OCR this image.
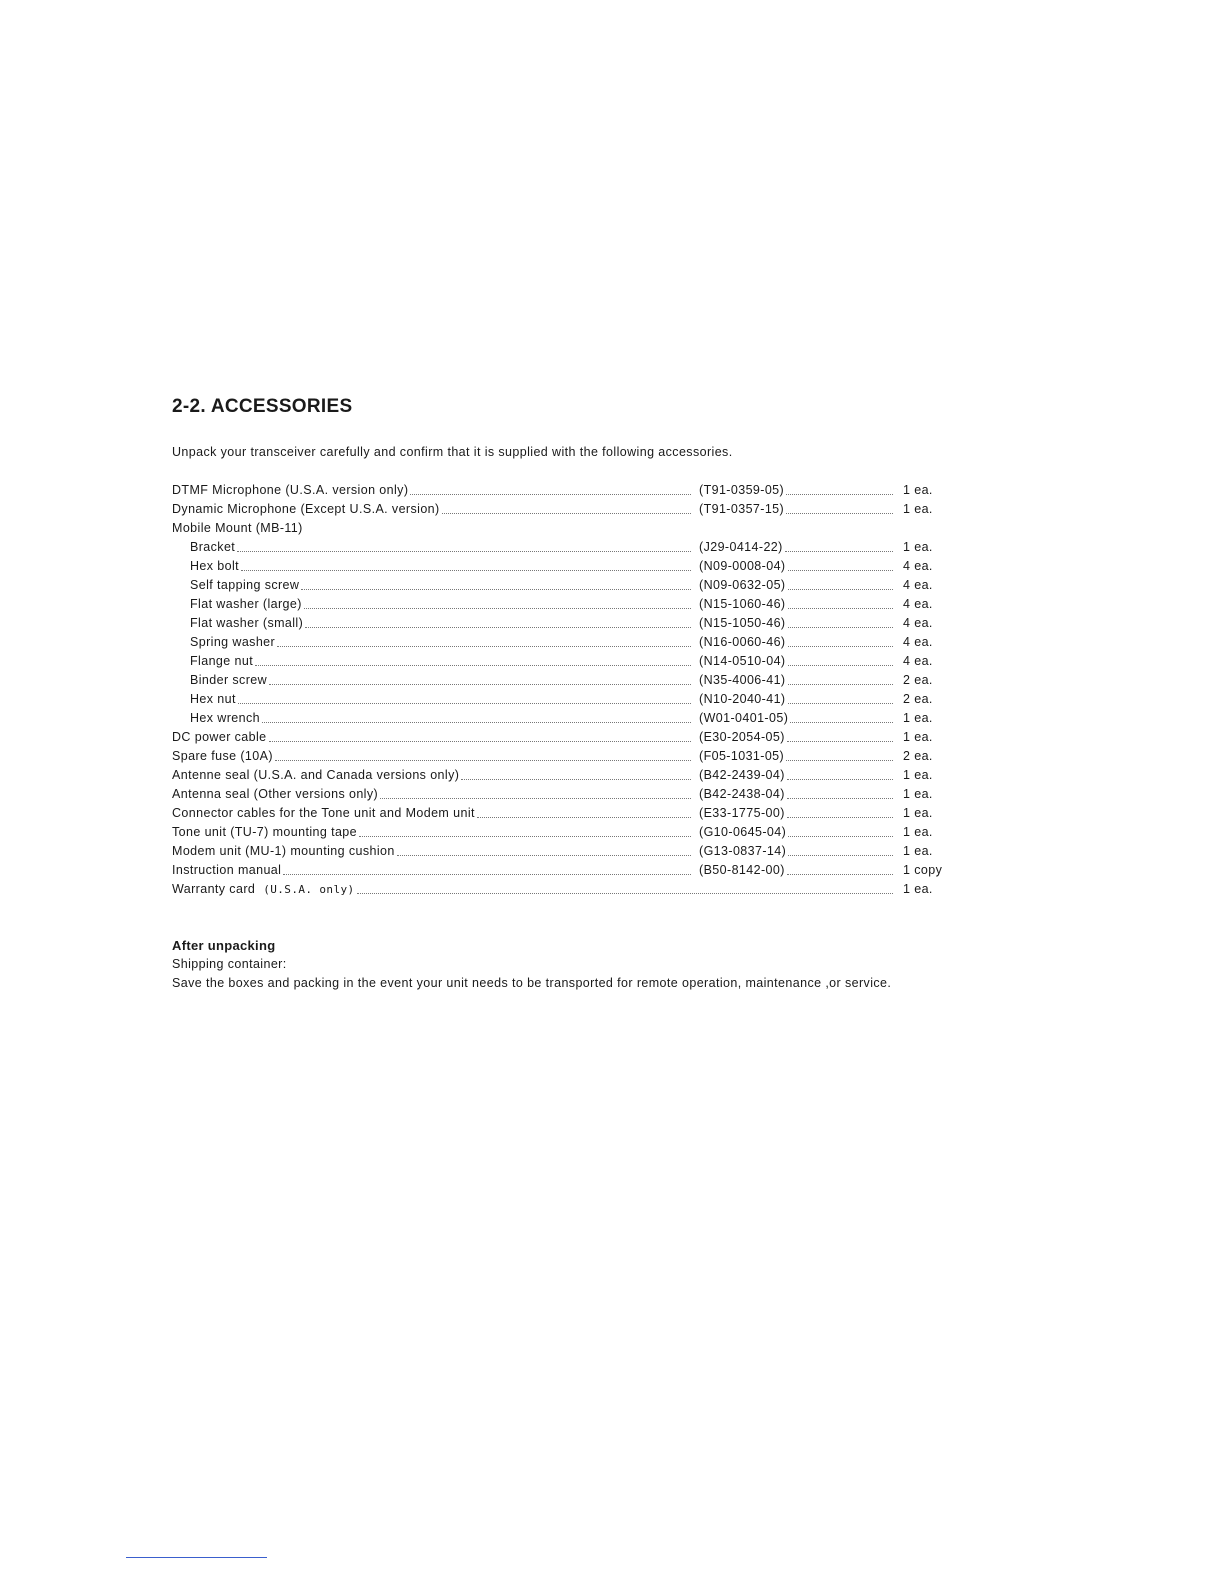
2-2. ACCESSORIES
Unpack your transceiver carefully and confirm that it is supplied with the following accessories.
DTMF Microphone (U.S.A. version only)	(T91-0359-05)	1 ea.
Dynamic Microphone (Except U.S.A. version)	(T91-0357-15)	1 ea.
Mobile Mount (MB-11)
Bracket	(J29-0414-22)	1 ea.
Hex bolt	(N09-0008-04)	4 ea.
Self tapping screw	(N09-0632-05)	4 ea.
Flat washer (large)	(N15-1060-46)	4 ea.
Flat washer (small)	(N15-1050-46)	4 ea.
Spring washer	(N16-0060-46)	4 ea.
Flange nut	(N14-0510-04)	4 ea.
Binder screw	(N35-4006-41)	2 ea.
Hex nut	(N10-2040-41)	2 ea.
Hex wrench	(W01-0401-05)	1 ea.
DC power cable	(E30-2054-05)	1 ea.
Spare fuse (10A)	(F05-1031-05)	2 ea.
Antenne seal (U.S.A. and Canada versions only)	(B42-2439-04)	1 ea.
Antenna seal (Other versions only)	(B42-2438-04)	1 ea.
Connector cables for the Tone unit and Modem unit	(E33-1775-00)	1 ea.
Tone unit (TU-7) mounting tape	(G10-0645-04)	1 ea.
Modem unit (MU-1) mounting cushion	(G13-0837-14)	1 ea.
Instruction manual	(B50-8142-00)	1 copy
Warranty card (U.S.A. only)	1 ea.
After unpacking

Shipping container:

Save the boxes and packing in the event your unit needs to be transported for remote operation, maintenance ,or service.
